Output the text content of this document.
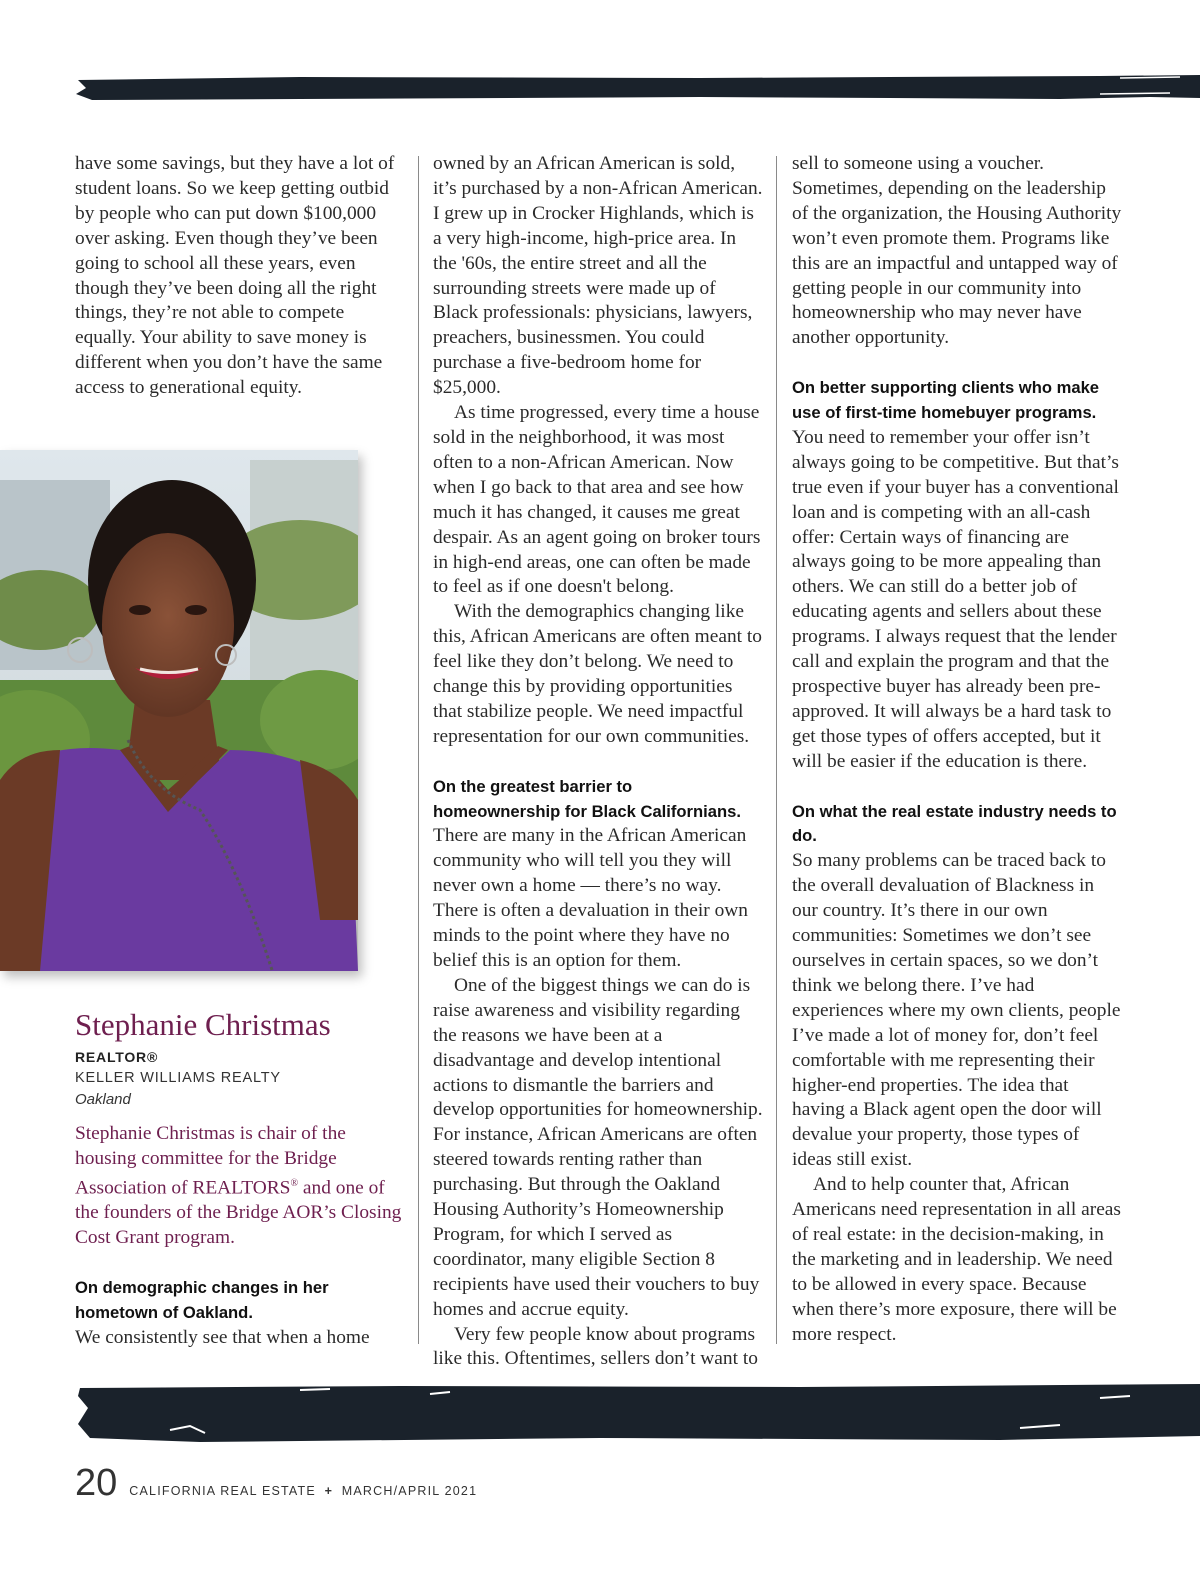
have some savings, but they have a lot of student loans. So we keep getting outbid by people who can put down $100,000 over asking. Even though they’ve been going to school all these years, even though they’ve been doing all the right things, they’re not able to compete equally. Your ability to save money is different when you don’t have the same access to generational equity.

Stephanie Christmas
REALTOR®
KELLER WILLIAMS REALTY
Oakland
Stephanie Christmas is chair of the housing committee for the Bridge Association of REALTORS® and one of the founders of the Bridge AOR’s Closing Cost Grant program.

On demographic changes in her hometown of Oakland.

We consistently see that when a home

owned by an African American is sold, it’s purchased by a non-African American. I grew up in Crocker Highlands, which is a very high-income, high-price area. In the '60s, the entire street and all the surrounding streets were made up of Black professionals: physicians, lawyers, preachers, businessmen. You could purchase a five-bedroom home for $25,000.

As time progressed, every time a house sold in the neighborhood, it was most often to a non-African American. Now when I go back to that area and see how much it has changed, it causes me great despair. As an agent going on broker tours in high-end areas, one can often be made to feel as if one doesn't belong.

With the demographics changing like this, African Americans are often meant to feel like they don’t belong. We need to change this by providing opportunities that stabilize people. We need impactful representation for our own communities.

On the greatest barrier to homeownership for Black Californians.

There are many in the African American community who will tell you they will never own a home — there’s no way. There is often a devaluation in their own minds to the point where they have no belief this is an option for them.

One of the biggest things we can do is raise awareness and visibility regarding the reasons we have been at a disadvantage and develop intentional actions to dismantle the barriers and develop opportunities for homeownership. For instance, African Americans are often steered towards renting rather than purchasing. But through the Oakland Housing Authority’s Homeownership Program, for which I served as coordinator, many eligible Section 8 recipients have used their vouchers to buy homes and accrue equity.

Very few people know about programs like this. Oftentimes, sellers don’t want to

sell to someone using a voucher. Sometimes, depending on the leadership of the organization, the Housing Authority won’t even promote them. Programs like this are an impactful and untapped way of getting people in our community into homeownership who may never have another opportunity.

On better supporting clients who make use of first-time homebuyer programs.

You need to remember your offer isn’t always going to be competitive. But that’s true even if your buyer has a conventional loan and is competing with an all-cash offer: Certain ways of financing are always going to be more appealing than others. We can still do a better job of educating agents and sellers about these programs. I always request that the lender call and explain the program and that the prospective buyer has already been pre-approved. It will always be a hard task to get those types of offers accepted, but it will be easier if the education is there.

On what the real estate industry needs to do.

So many problems can be traced back to the overall devaluation of Blackness in our country. It’s there in our own communities: Sometimes we don’t see ourselves in certain spaces, so we don’t think we belong there. I’ve had experiences where my own clients, people I’ve made a lot of money for, don’t feel comfortable with me representing their higher-end properties. The idea that having a Black agent open the door will devalue your property, those types of ideas still exist.

And to help counter that, African Americans need representation in all areas of real estate: in the decision-making, in the marketing and in leadership. We need to be allowed in every space. Because when there’s more exposure, there will be more respect.

20 CALIFORNIA REAL ESTATE + MARCH/APRIL 2021
